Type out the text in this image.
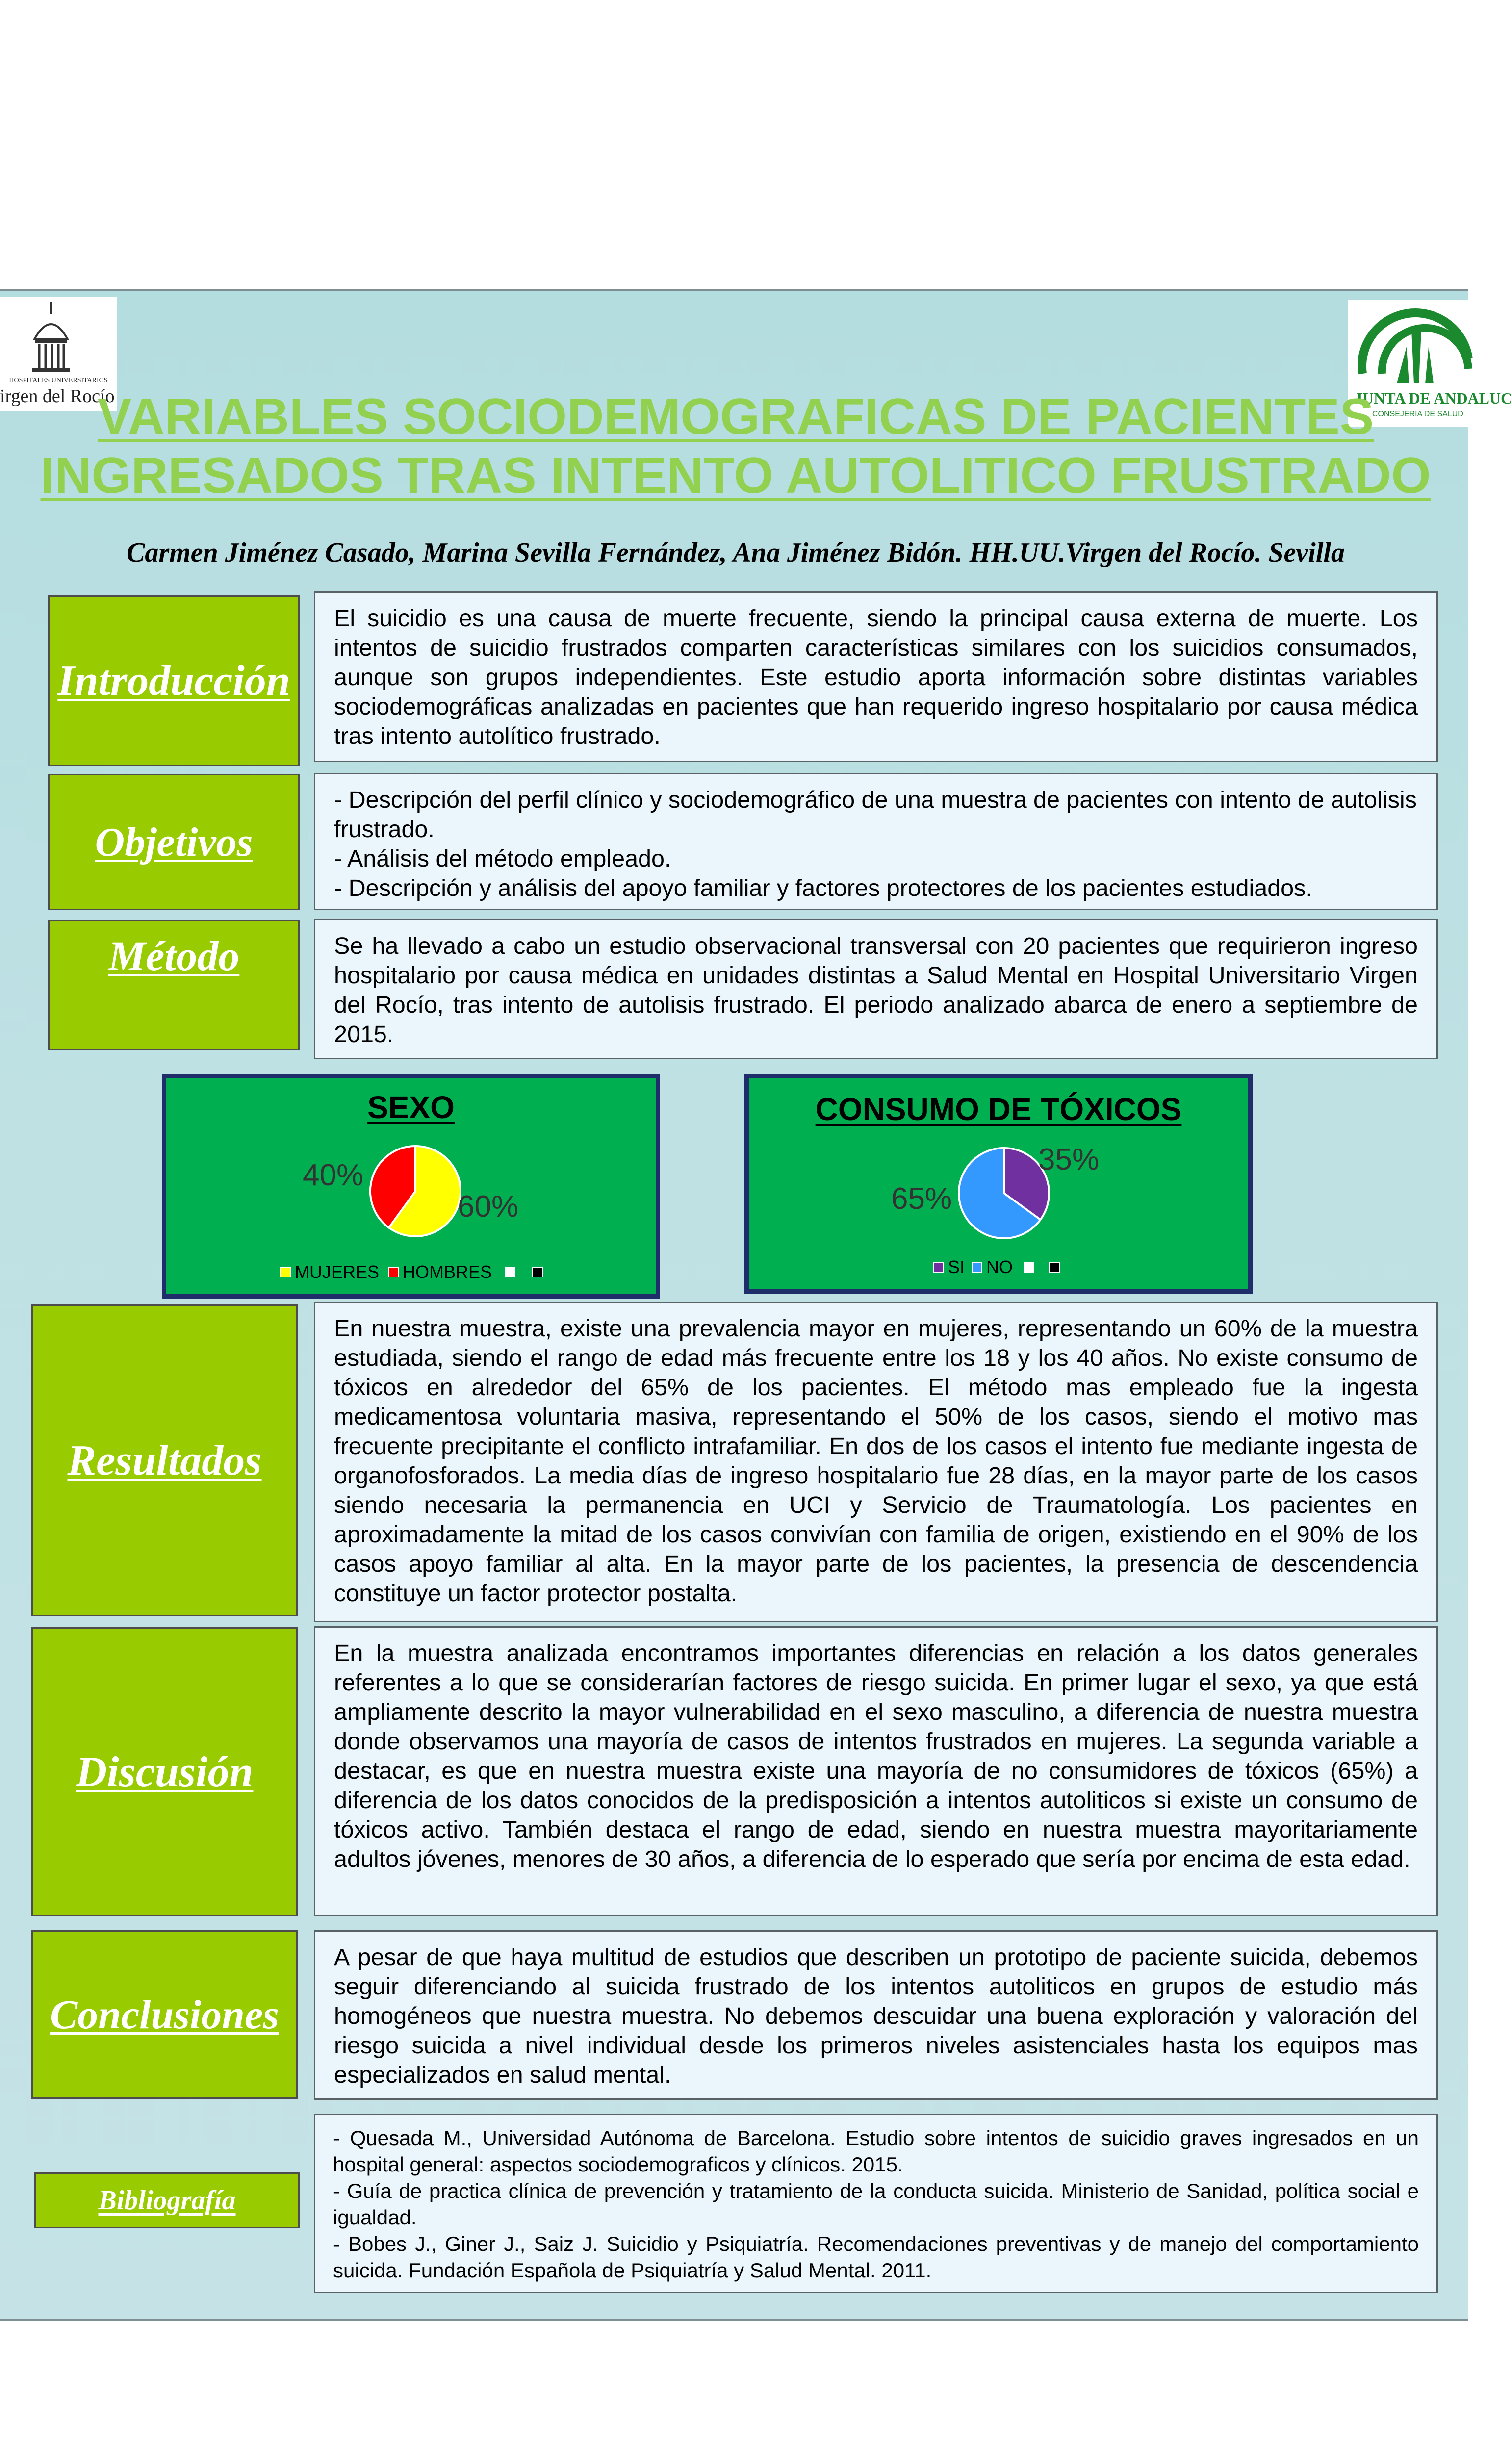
HOSPITALES UNIVERSITARIOS
irgen del Rocío	JUNTA DE ANDALUC
CONSEJERIA DE SALUD
VARIABLES SOCIODEMOGRAFICAS DE PACIENTES
INGRESADOS TRAS INTENTO AUTOLITICO FRUSTRADO
Carmen Jiménez Casado, Marina Sevilla Fernández, Ana Jiménez Bidón. HH.UU.Virgen del Rocío. Sevilla
Introducción

El suicidio es una causa de muerte frecuente, siendo la principal causa externa de muerte. Los intentos de suicidio frustrados comparten características similares con los suicidios consumados, aunque son grupos independientes. Este estudio aporta información sobre distintas variables sociodemográficas analizadas en pacientes que han requerido ingreso hospitalario por causa médica tras intento autolítico frustrado.

Objetivos

- Descripción del perfil clínico y sociodemográfico de una muestra de pacientes con intento de autolisis frustrado.

- Análisis del método empleado.

- Descripción y análisis del apoyo familiar y factores protectores de los pacientes estudiados.

Método	Se ha llevado a cabo un estudio observacional transversal con 20 pacientes que requirieron ingreso hospitalario por causa médica en unidades distintas a Salud Mental en Hospital Universitario Virgen del Rocío, tras intento de autolisis frustrado. El periodo analizado abarca de enero a septiembre de 2015.

SEXO
40%
60%
MUJERES HOMBRES
CONSUMO DE TÓXICOS
35%
65%
SI NO
Resultados

En nuestra muestra, existe una prevalencia mayor en mujeres, representando un 60% de la muestra estudiada, siendo el rango de edad más frecuente entre los 18 y los 40 años. No existe consumo de tóxicos en alrededor del 65% de los pacientes. El método mas empleado fue la ingesta medicamentosa voluntaria masiva, representando el 50% de los casos, siendo el motivo mas frecuente precipitante el conflicto intrafamiliar. En dos de los casos el intento fue mediante ingesta de organofosforados. La media días de ingreso hospitalario fue 28 días, en la mayor parte de los casos siendo necesaria la permanencia en UCI y Servicio de Traumatología. Los pacientes en aproximadamente la mitad de los casos convivían con familia de origen, existiendo en el 90% de los casos apoyo familiar al alta. En la mayor parte de los pacientes, la presencia de descendencia constituye un factor protector postalta.

Discusión

En la muestra analizada encontramos importantes diferencias en relación a los datos generales referentes a lo que se considerarían factores de riesgo suicida. En primer lugar el sexo, ya que está ampliamente descrito la mayor vulnerabilidad en el sexo masculino, a diferencia de nuestra muestra donde observamos una mayoría de casos de intentos frustrados en mujeres. La segunda variable a destacar, es que en nuestra muestra existe una mayoría de no consumidores de tóxicos (65%) a diferencia de los datos conocidos de la predisposición a intentos autoliticos si existe un consumo de tóxicos activo. También destaca el rango de edad, siendo en nuestra muestra mayoritariamente adultos jóvenes, menores de 30 años, a diferencia de lo esperado que sería por encima de esta edad.

Conclusiones

A pesar de que haya multitud de estudios que describen un prototipo de paciente suicida, debemos seguir diferenciando al suicida frustrado de los intentos autoliticos en grupos de estudio más homogéneos que nuestra muestra. No debemos descuidar una buena exploración y valoración del riesgo suicida a nivel individual desde los primeros niveles asistenciales hasta los equipos mas especializados en salud mental.

Bibliografía

- Quesada M., Universidad Autónoma de Barcelona. Estudio sobre intentos de suicidio graves ingresados en un hospital general: aspectos sociodemograficos y clínicos. 2015.

- Guía de practica clínica de prevención y tratamiento de la conducta suicida. Ministerio de Sanidad, política social e igualdad.

- Bobes J., Giner J., Saiz J. Suicidio y Psiquiatría. Recomendaciones preventivas y de manejo del comportamiento suicida. Fundación Española de Psiquiatría y Salud Mental. 2011.
